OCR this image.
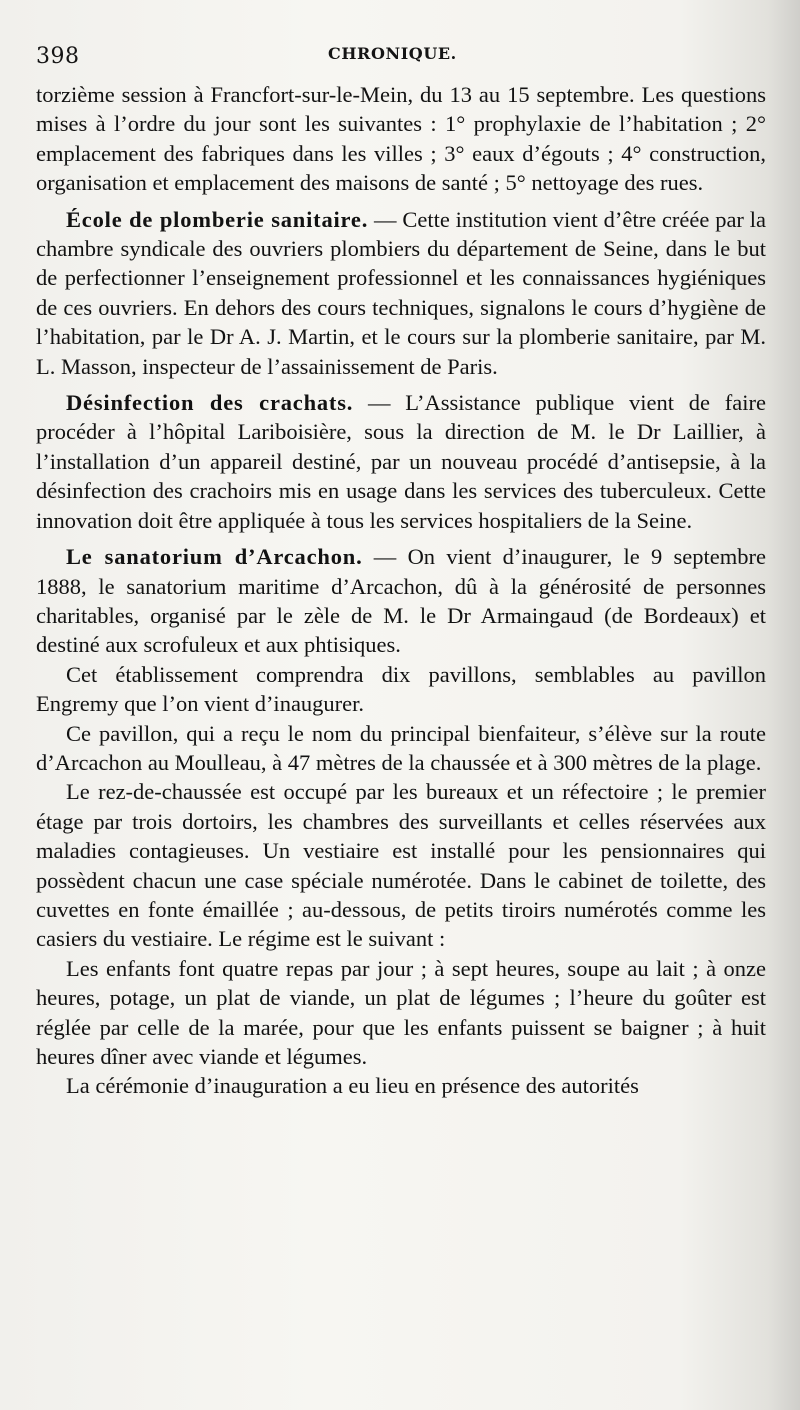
398	CHRONIQUE.

torzième session à Francfort-sur-le-Mein, du 13 au 15 septembre. Les questions mises à l’ordre du jour sont les suivantes : 1° prophylaxie de l’habitation ; 2° emplacement des fabriques dans les villes ; 3° eaux d’égouts ; 4° construction, organisation et emplacement des maisons de santé ; 5° nettoyage des rues.

École de plomberie sanitaire. — Cette institution vient d’être créée par la chambre syndicale des ouvriers plombiers du département de Seine, dans le but de perfectionner l’enseignement professionnel et les connaissances hygiéniques de ces ouvriers. En dehors des cours techniques, signalons le cours d’hygiène de l’habitation, par le Dr A. J. Martin, et le cours sur la plomberie sanitaire, par M. L. Masson, inspecteur de l’assainissement de Paris.

Désinfection des crachats. — L’Assistance publique vient de faire procéder à l’hôpital Lariboisière, sous la direction de M. le Dr Laillier, à l’installation d’un appareil destiné, par un nouveau procédé d’antisepsie, à la désinfection des crachoirs mis en usage dans les services des tuberculeux. Cette innovation doit être appliquée à tous les services hospitaliers de la Seine.

Le sanatorium d’Arcachon. — On vient d’inaugurer, le 9 septembre 1888, le sanatorium maritime d’Arcachon, dû à la générosité de personnes charitables, organisé par le zèle de M. le Dr Armaingaud (de Bordeaux) et destiné aux scrofuleux et aux phtisiques.

Cet établissement comprendra dix pavillons, semblables au pavillon Engremy que l’on vient d’inaugurer.

Ce pavillon, qui a reçu le nom du principal bienfaiteur, s’élève sur la route d’Arcachon au Moulleau, à 47 mètres de la chaussée et à 300 mètres de la plage.

Le rez-de-chaussée est occupé par les bureaux et un réfectoire ; le premier étage par trois dortoirs, les chambres des surveillants et celles réservées aux maladies contagieuses. Un vestiaire est installé pour les pensionnaires qui possèdent chacun une case spéciale numérotée. Dans le cabinet de toilette, des cuvettes en fonte émaillée ; au-dessous, de petits tiroirs numérotés comme les casiers du vestiaire. Le régime est le suivant :

Les enfants font quatre repas par jour ; à sept heures, soupe au lait ; à onze heures, potage, un plat de viande, un plat de légumes ; l’heure du goûter est réglée par celle de la marée, pour que les enfants puissent se baigner ; à huit heures dîner avec viande et légumes.

La cérémonie d’inauguration a eu lieu en présence des autorités
